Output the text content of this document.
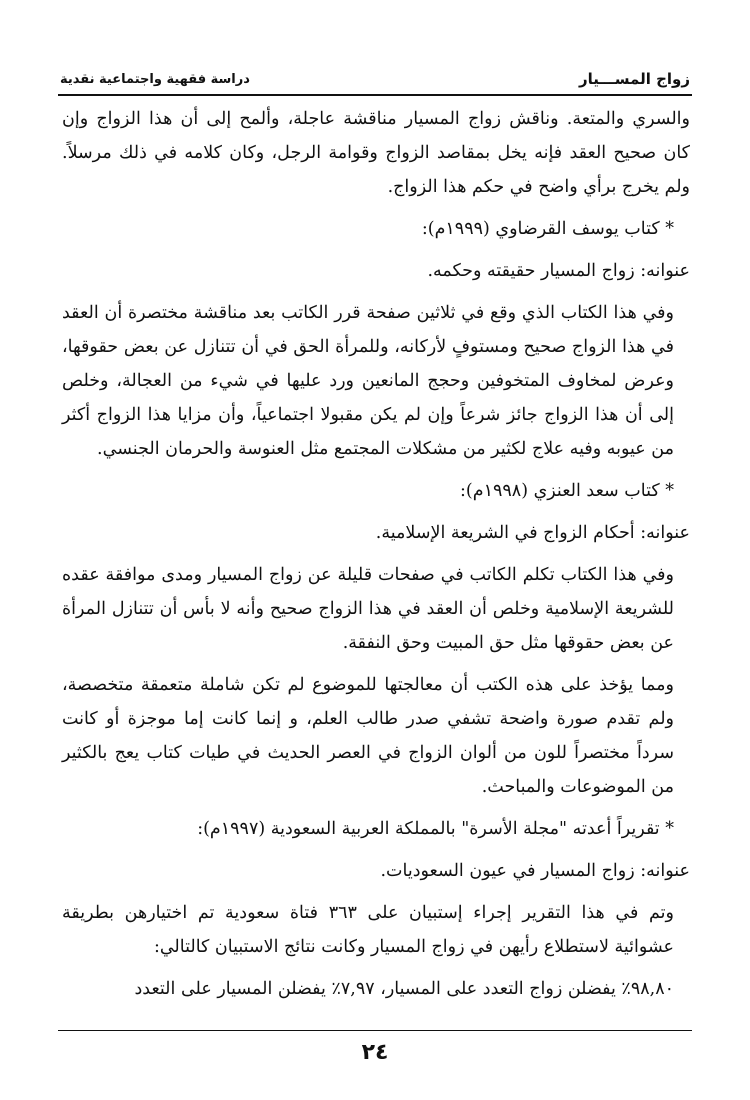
زواج المســـيار
دراسة فقهية واجتماعية نقدية

والسري والمتعة. وناقش زواج المسيار مناقشة عاجلة، وألمح إلى أن هذا الزواج وإن كان صحيح العقد فإنه يخل بمقاصد الزواج وقوامة الرجل، وكان كلامه في ذلك مرسلاً. ولم يخرج برأي واضح في حكم هذا الزواج.

* كتاب يوسف القرضاوي (١٩٩٩م):

عنوانه: زواج المسيار حقيقته وحكمه.

وفي هذا الكتاب الذي وقع في ثلاثين صفحة قرر الكاتب بعد مناقشة مختصرة أن العقد في هذا الزواج صحيح ومستوفٍ لأركانه، وللمرأة الحق في أن تتنازل عن بعض حقوقها، وعرض لمخاوف المتخوفين وحجج المانعين ورد عليها في شيء من العجالة، وخلص إلى أن هذا الزواج جائز شرعاً وإن لم يكن مقبولا اجتماعياً، وأن مزايا هذا الزواج أكثر من عيوبه وفيه علاج لكثير من مشكلات المجتمع مثل العنوسة والحرمان الجنسي.

* كتاب سعد العنزي (١٩٩٨م):

عنوانه: أحكام الزواج في الشريعة الإسلامية.

وفي هذا الكتاب تكلم الكاتب في صفحات قليلة عن زواج المسيار ومدى موافقة عقده للشريعة الإسلامية وخلص أن العقد في هذا الزواج صحيح وأنه لا بأس أن تتنازل المرأة عن بعض حقوقها مثل حق المبيت وحق النفقة.

ومما يؤخذ على هذه الكتب أن معالجتها للموضوع لم تكن شاملة متعمقة متخصصة، ولم تقدم صورة واضحة تشفي صدر طالب العلم، و إنما كانت إما موجزة أو كانت سرداً مختصراً للون من ألوان الزواج في العصر الحديث في طيات كتاب يعج بالكثير من الموضوعات والمباحث.

* تقريراً أعدته "مجلة الأسرة" بالمملكة العربية السعودية (١٩٩٧م):

عنوانه: زواج المسيار في عيون السعوديات.

وتم في هذا التقرير إجراء إستبيان على ٣٦٣ فتاة سعودية تم اختيارهن بطريقة عشوائية لاستطلاع رأيهن في زواج المسيار وكانت نتائج الاستبيان كالتالي:

٩٨,٨٠٪ يفضلن زواج التعدد على المسيار، ٧,٩٧٪ يفضلن المسيار على التعدد

٢٤
